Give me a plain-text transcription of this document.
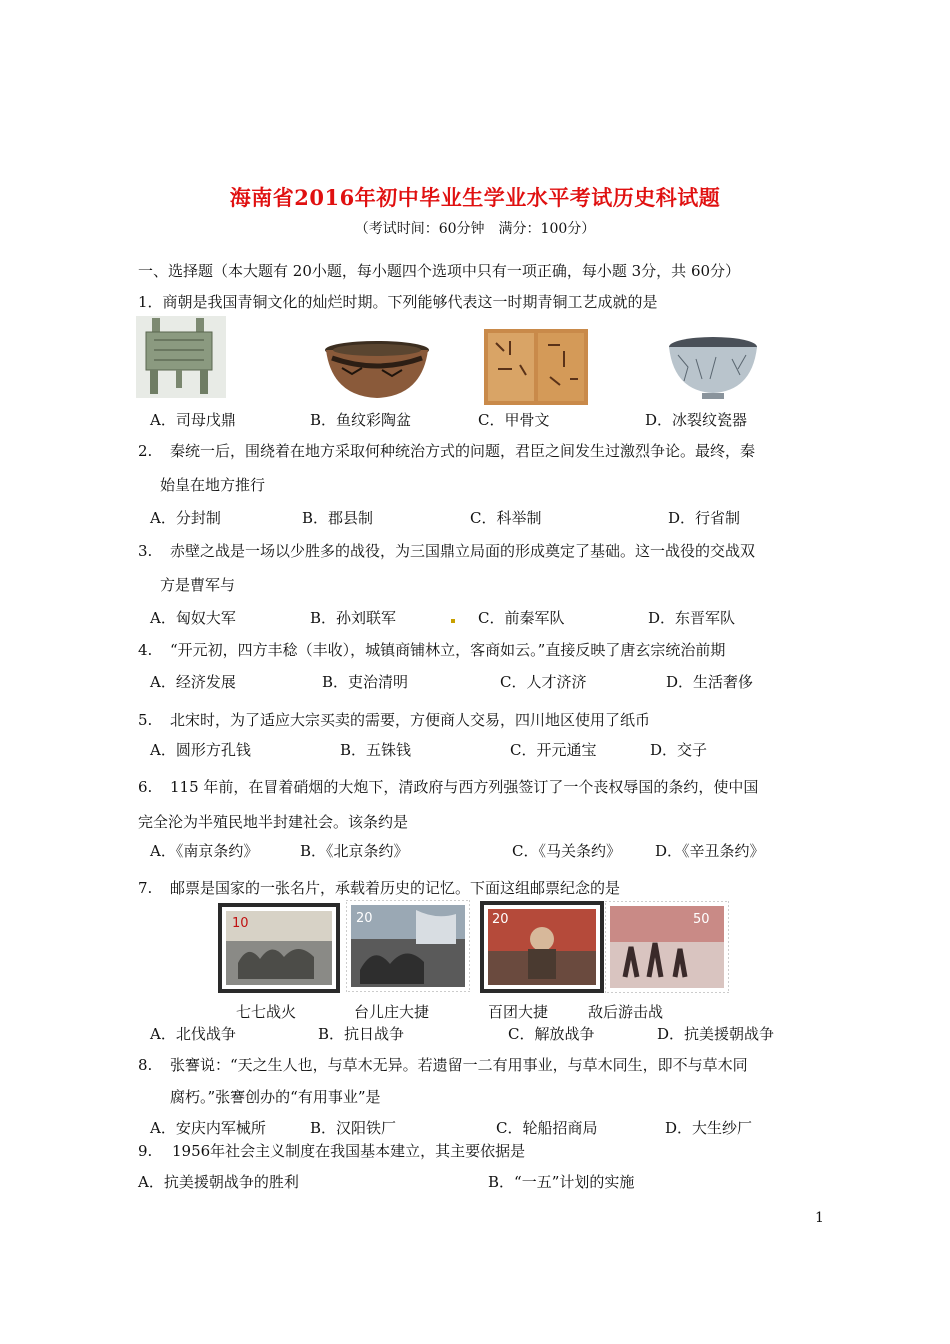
海南省2016年初中毕业生学业水平考试历史科试题
（考试时间：60分钟　满分：100分）
一、选择题（本大题有 20小题，每小题四个选项中只有一项正确，每小题 3分，共 60分）
1．商朝是我国青铜文化的灿烂时期。下列能够代表这一时期青铜工艺成就的是
A．司母戊鼎	B．鱼纹彩陶盆	C．甲骨文	D．冰裂纹瓷器
2. 秦统一后，围绕着在地方采取何种统治方式的问题，君臣之间发生过激烈争论。最终，秦
始皇在地方推行
A．分封制	B．郡县制	C．科举制	D．行省制
3. 赤壁之战是一场以少胜多的战役，为三国鼎立局面的形成奠定了基础。这一战役的交战双
方是曹军与
A．匈奴大军	B．孙刘联军	C．前秦军队	D．东晋军队
4. “开元初，四方丰稔（丰收），城镇商铺林立，客商如云。”直接反映了唐玄宗统治前期
A．经济发展	B．吏治清明	C．人才济济	D．生活奢侈
5. 北宋时，为了适应大宗买卖的需要，方便商人交易，四川地区使用了纸币
A．圆形方孔钱	B．五铢钱	C．开元通宝	D．交子
6. 115 年前，在冒着硝烟的大炮下，清政府与西方列强签订了一个丧权辱国的条约，使中国
完全沦为半殖民地半封建社会。该条约是
A．《南京条约》	B．《北京条约》	C．《马关条约》 D．《辛丑条约》
7. 邮票是国家的一张名片，承载着历史的记忆。下面这组邮票纪念的是
10	20	20	50
七七战火	台儿庄大捷	百团大捷	敌后游击战
A．北伐战争	B．抗日战争	C．解放战争	D．抗美援朝战争
8. 张謇说：“天之生人也，与草木无异。若遗留一二有用事业，与草木同生，即不与草木同
腐朽。”张謇创办的“有用事业”是
A．安庆内军械所	B．汉阳铁厂	C．轮船招商局	D．大生纱厂
9. 1956年社会主义制度在我国基本建立，其主要依据是
A．抗美援朝战争的胜利	B．“一五”计划的实施
1
